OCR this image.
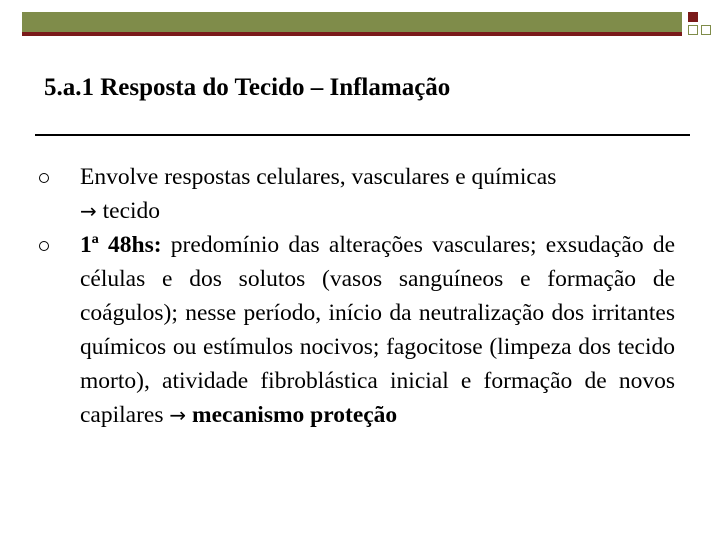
5.a.1 Resposta do Tecido – Inflamação
Envolve respostas celulares, vasculares e químicas
→ tecido
1ª 48hs: predomínio das alterações vasculares; exsudação de células e dos solutos (vasos sanguíneos e formação de coágulos); nesse período, início da neutralização dos irritantes químicos ou estímulos nocivos; fagocitose (limpeza dos tecido morto), atividade fibroblástica inicial e formação de novos capilares → mecanismo proteção
